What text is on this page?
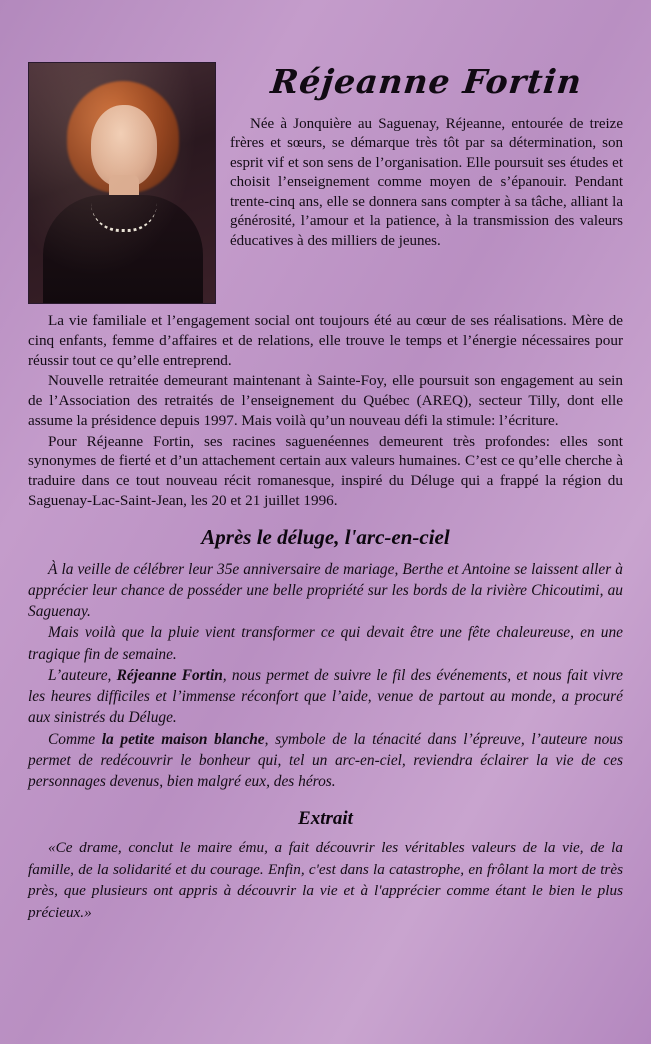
Réjeanne Fortin

Née à Jonquière au Saguenay, Réjeanne, entourée de treize frères et sœurs, se démarque très tôt par sa détermination, son esprit vif et son sens de l’organisation. Elle poursuit ses études et choisit l’enseignement comme moyen de s’épanouir. Pendant trente-cinq ans, elle se donnera sans compter à sa tâche, alliant la générosité, l’amour et la patience, à la transmission des valeurs éducatives à des milliers de jeunes.

La vie familiale et l’engagement social ont toujours été au cœur de ses réalisations. Mère de cinq enfants, femme d’affaires et de relations, elle trouve le temps et l’énergie nécessaires pour réussir tout ce qu’elle entreprend.

Nouvelle retraitée demeurant maintenant à Sainte-Foy, elle poursuit son engagement au sein de l’Association des retraités de l’enseignement du Québec (AREQ), secteur Tilly, dont elle assume la présidence depuis 1997. Mais voilà qu’un nouveau défi la stimule: l’écriture.

Pour Réjeanne Fortin, ses racines saguenéennes demeurent très profondes: elles sont synonymes de fierté et d’un attachement certain aux valeurs humaines. C’est ce qu’elle cherche à traduire dans ce tout nouveau récit romanesque, inspiré du Déluge qui a frappé la région du Saguenay-Lac-Saint-Jean, les 20 et 21 juillet 1996.

Après le déluge, l'arc-en-ciel

À la veille de célébrer leur 35e anniversaire de mariage, Berthe et Antoine se laissent aller à apprécier leur chance de posséder une belle propriété sur les bords de la rivière Chicoutimi, au Saguenay.

Mais voilà que la pluie vient transformer ce qui devait être une fête chaleureuse, en une tragique fin de semaine.

L’auteure, Réjeanne Fortin, nous permet de suivre le fil des événements, et nous fait vivre les heures difficiles et l’immense réconfort que l’aide, venue de partout au monde, a procuré aux sinistrés du Déluge.

Comme la petite maison blanche, symbole de la ténacité dans l’épreuve, l’auteure nous permet de redécouvrir le bonheur qui, tel un arc-en-ciel, reviendra éclairer la vie de ces personnages devenus, bien malgré eux, des héros.

Extrait

«Ce drame, conclut le maire ému, a fait découvrir les véritables valeurs de la vie, de la famille, de la solidarité et du courage. Enfin, c'est dans la catastrophe, en frôlant la mort de très près, que plusieurs ont appris à découvrir la vie et à l'apprécier comme étant le bien le plus précieux.»
